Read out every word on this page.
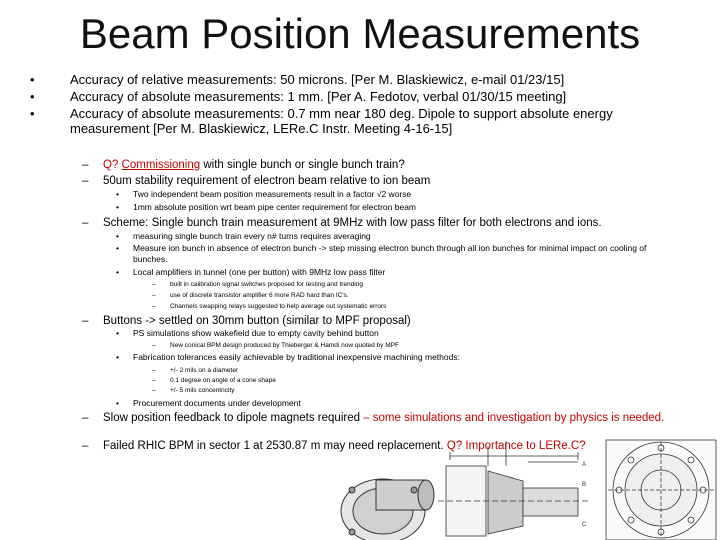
Beam Position Measurements
•	Accuracy of relative measurements: 50 microns. [Per M. Blaskiewicz, e-mail 01/23/15]
•	Accuracy of absolute measurements: 1 mm. [Per A. Fedotov, verbal 01/30/15 meeting]
•	Accuracy of absolute measurements: 0.7 mm near 180 deg. Dipole to support absolute energy measurement [Per M. Blaskiewicz, LERe.C Instr. Meeting 4-16-15]
– Q? Commissioning with single bunch or single bunch train?
– 50um stability requirement of electron beam relative to ion beam
• Two independent beam position measurements result in a factor √2 worse
• 1mm absolute position wrt beam pipe center requirement for electron beam
– Scheme: Single bunch train measurement at 9MHz with low pass filter for both electrons and ions.
• measuring single bunch train every n# turns requires averaging
• Measure ion bunch in absence of electron bunch -> step missing electron bunch through all ion bunches for minimal impact on cooling of bunches.
• Local amplifiers in tunnel (one per button) with 9MHz low pass filter
– built in calibration signal switches proposed for testing and trending
– use of discrete transistor amplifier 6 more RAD hard than IC's.
– Channels swapping relays suggested to help average out systematic errors
– Buttons -> settled on 30mm button (similar to MPF proposal)
• PS simulations show wakefield due to empty cavity behind button
– New conical BPM design produced by Thieberger & Hamdi now quoted by MPF
• Fabrication tolerances easily achievable by traditional inexpensive machining methods:
– +/- 2 mils on a diameter
– 0.1 degree on angle of a cone shape
– +/- 5 mils concentricity
• Procurement documents under development
– Slow position feedback to dipole magnets required – some simulations and investigation by physics is needed.
– Failed RHIC BPM in sector 1 at 2530.87 m may need replacement. Q? Importance to LERe.C?
A
B
C
